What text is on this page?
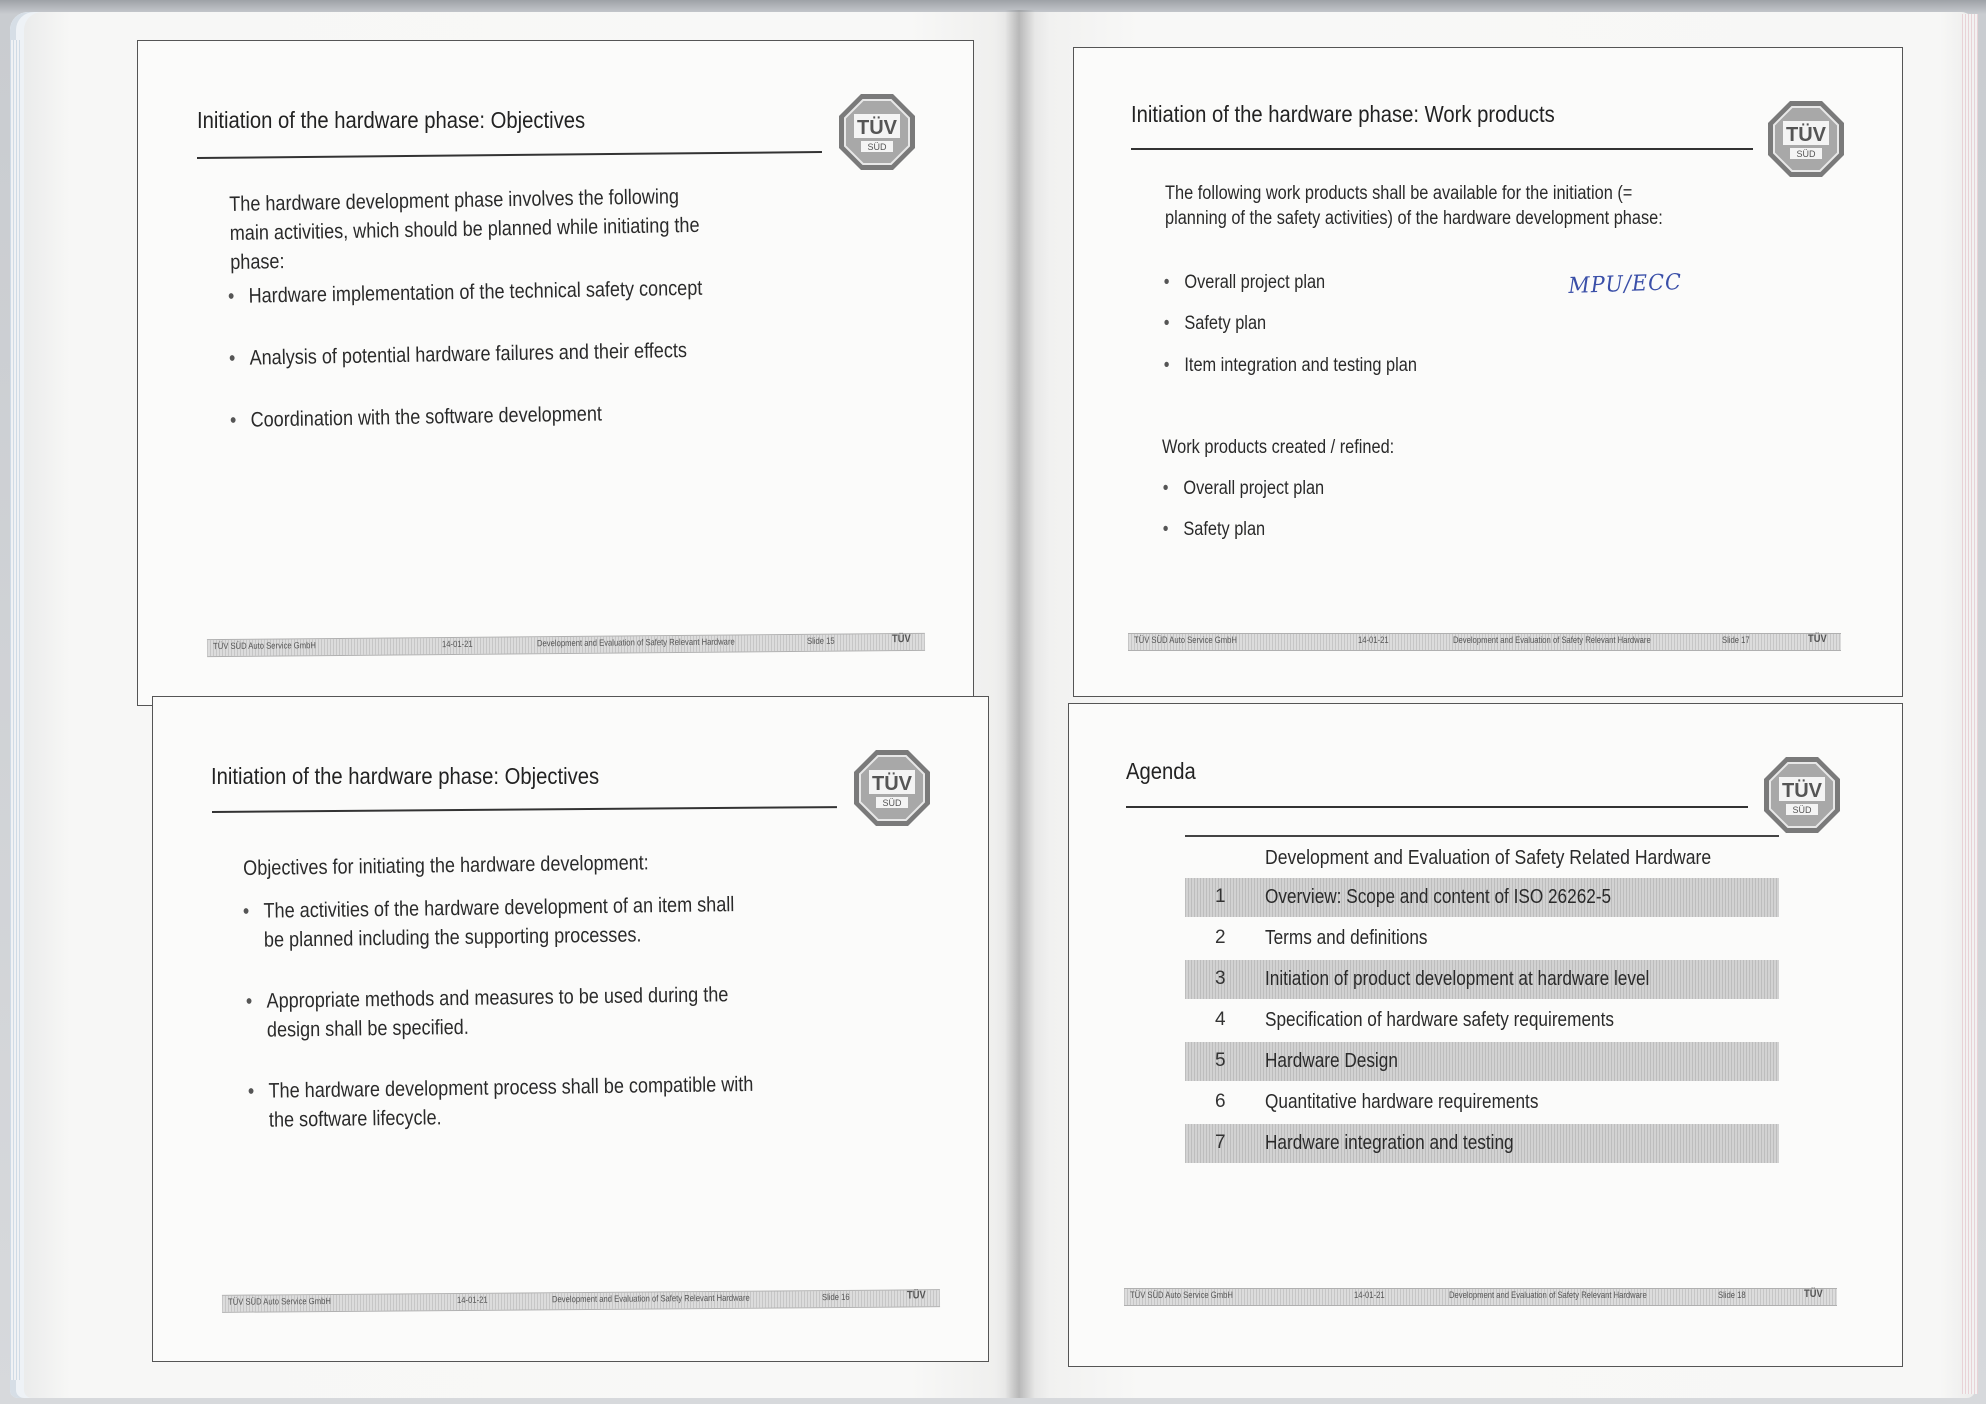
Initiation of the hardware phase: Objectives	TÜV
SÜD
The hardware development phase involves the following main activities, which should be planned while initiating the phase:
• Hardware implementation of the technical safety concept
• Analysis of potential hardware failures and their effects
• Coordination with the software development
TÜV SÜD Auto Service GmbH	14-01-21	Development and Evaluation of Safety Relevant Hardware	Slide 15	TÜV
Initiation of the hardware phase: Objectives	TÜV
SÜD
Objectives for initiating the hardware development:
• The activities of the hardware development of an item shall be planned including the supporting processes.
• Appropriate methods and measures to be used during the design shall be specified.
• The hardware development process shall be compatible with the software lifecycle.
TÜV SÜD Auto Service GmbH	14-01-21	Development and Evaluation of Safety Relevant Hardware	Slide 16	TÜV
Initiation of the hardware phase: Work products
TÜV
SÜD
The following work products shall be available for the initiation (= planning of the safety activities) of the hardware development phase:
• Overall project plan
• Safety plan
• Item integration and testing plan
Work products created / refined:
• Overall project plan
• Safety plan
MPU/ECC
TÜV SÜD Auto Service GmbH	14-01-21	Development and Evaluation of Safety Relevant Hardware	Slide 17	TÜV
Agenda
TÜV
SÜD
Development and Evaluation of Safety Related Hardware
1 Overview: Scope and content of ISO 26262-5
2 Terms and definitions
3 Initiation of product development at hardware level
4 Specification of hardware safety requirements
5 Hardware Design
6 Quantitative hardware requirements
7 Hardware integration and testing
TÜV SÜD Auto Service GmbH	14-01-21	Development and Evaluation of Safety Relevant Hardware	Slide 18	TÜV
